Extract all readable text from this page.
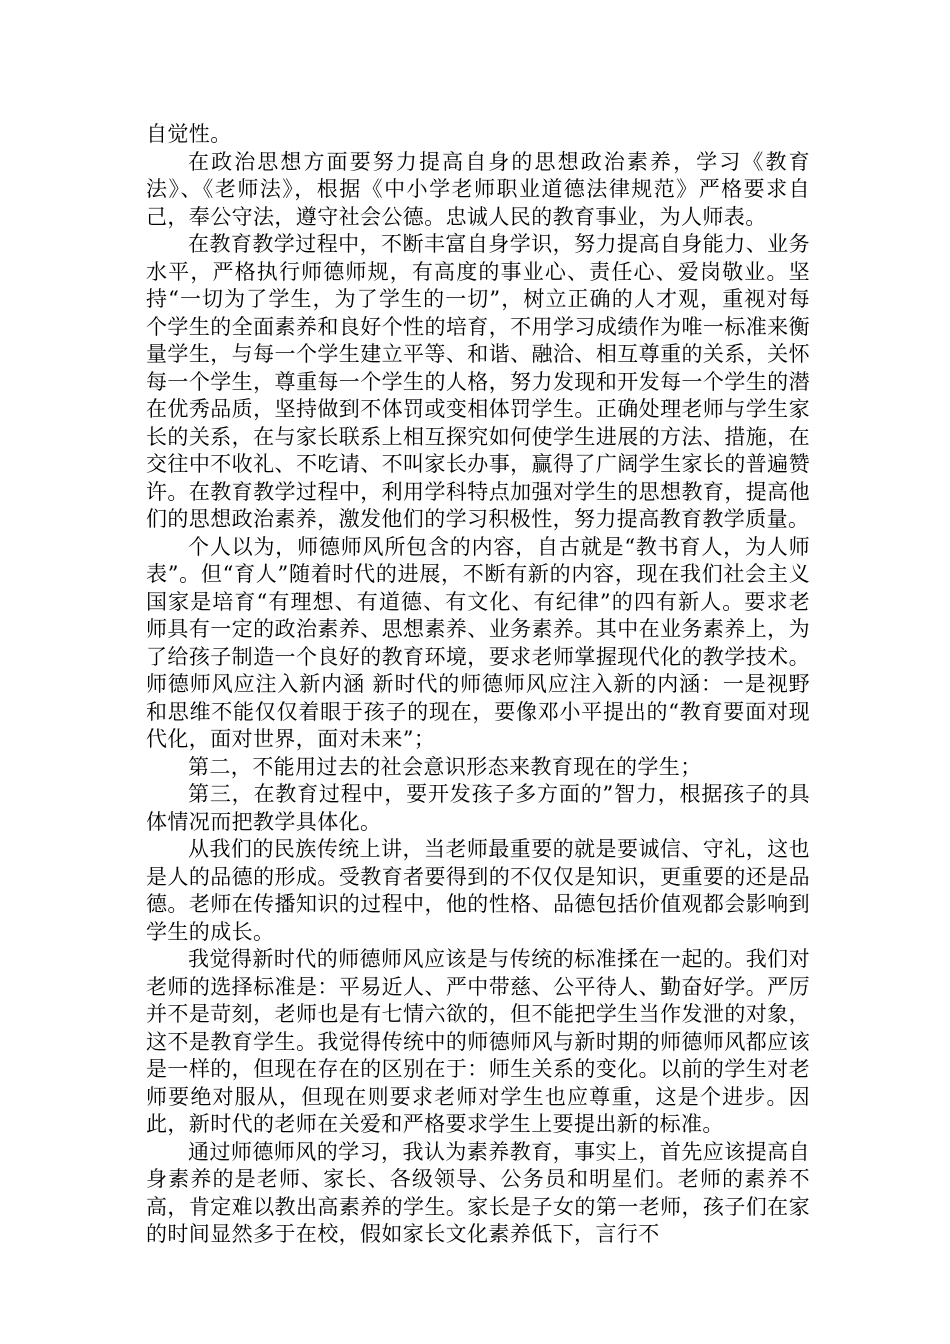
自觉性。

在政治思想方面要努力提高自身的思想政治素养，学习《教育法》、《老师法》，根据《中小学老师职业道德法律规范》严格要求自己，奉公守法，遵守社会公德。忠诚人民的教育事业，为人师表。

在教育教学过程中，不断丰富自身学识，努力提高自身能力、业务水平，严格执行师德师规，有高度的事业心、责任心、爱岗敬业。坚持“一切为了学生，为了学生的一切”，树立正确的人才观，重视对每个学生的全面素养和良好个性的培育，不用学习成绩作为唯一标准来衡量学生，与每一个学生建立平等、和谐、融洽、相互尊重的关系，关怀每一个学生，尊重每一个学生的人格，努力发现和开发每一个学生的潜在优秀品质，坚持做到不体罚或变相体罚学生。正确处理老师与学生家长的关系，在与家长联系上相互探究如何使学生进展的方法、措施，在交往中不收礼、不吃请、不叫家长办事，赢得了广阔学生家长的普遍赞许。在教育教学过程中，利用学科特点加强对学生的思想教育，提高他们的思想政治素养，激发他们的学习积极性，努力提高教育教学质量。

个人以为，师德师风所包含的内容，自古就是“教书育人，为人师表”。但“育人”随着时代的进展，不断有新的内容，现在我们社会主义国家是培育“有理想、有道德、有文化、有纪律”的四有新人。要求老师具有一定的政治素养、思想素养、业务素养。其中在业务素养上，为了给孩子制造一个良好的教育环境，要求老师掌握现代化的教学技术。师德师风应注入新内涵 新时代的师德师风应注入新的内涵：一是视野和思维不能仅仅着眼于孩子的现在，要像邓小平提出的“教育要面对现代化，面对世界，面对未来”；

第二，不能用过去的社会意识形态来教育现在的学生；

第三，在教育过程中，要开发孩子多方面的”智力，根据孩子的具体情况而把教学具体化。

从我们的民族传统上讲，当老师最重要的就是要诚信、守礼，这也是人的品德的形成。受教育者要得到的不仅仅是知识，更重要的还是品德。老师在传播知识的过程中，他的性格、品德包括价值观都会影响到学生的成长。

我觉得新时代的师德师风应该是与传统的标准揉在一起的。我们对老师的选择标准是：平易近人、严中带慈、公平待人、勤奋好学。严厉并不是苛刻，老师也是有七情六欲的，但不能把学生当作发泄的对象，这不是教育学生。我觉得传统中的师德师风与新时期的师德师风都应该是一样的，但现在存在的区别在于：师生关系的变化。以前的学生对老师要绝对服从，但现在则要求老师对学生也应尊重，这是个进步。因此，新时代的老师在关爱和严格要求学生上要提出新的标准。

通过师德师风的学习，我认为素养教育，事实上，首先应该提高自身素养的是老师、家长、各级领导、公务员和明星们。老师的素养不高，肯定难以教出高素养的学生。家长是子女的第一老师，孩子们在家的时间显然多于在校，假如家长文化素养低下，言行不
